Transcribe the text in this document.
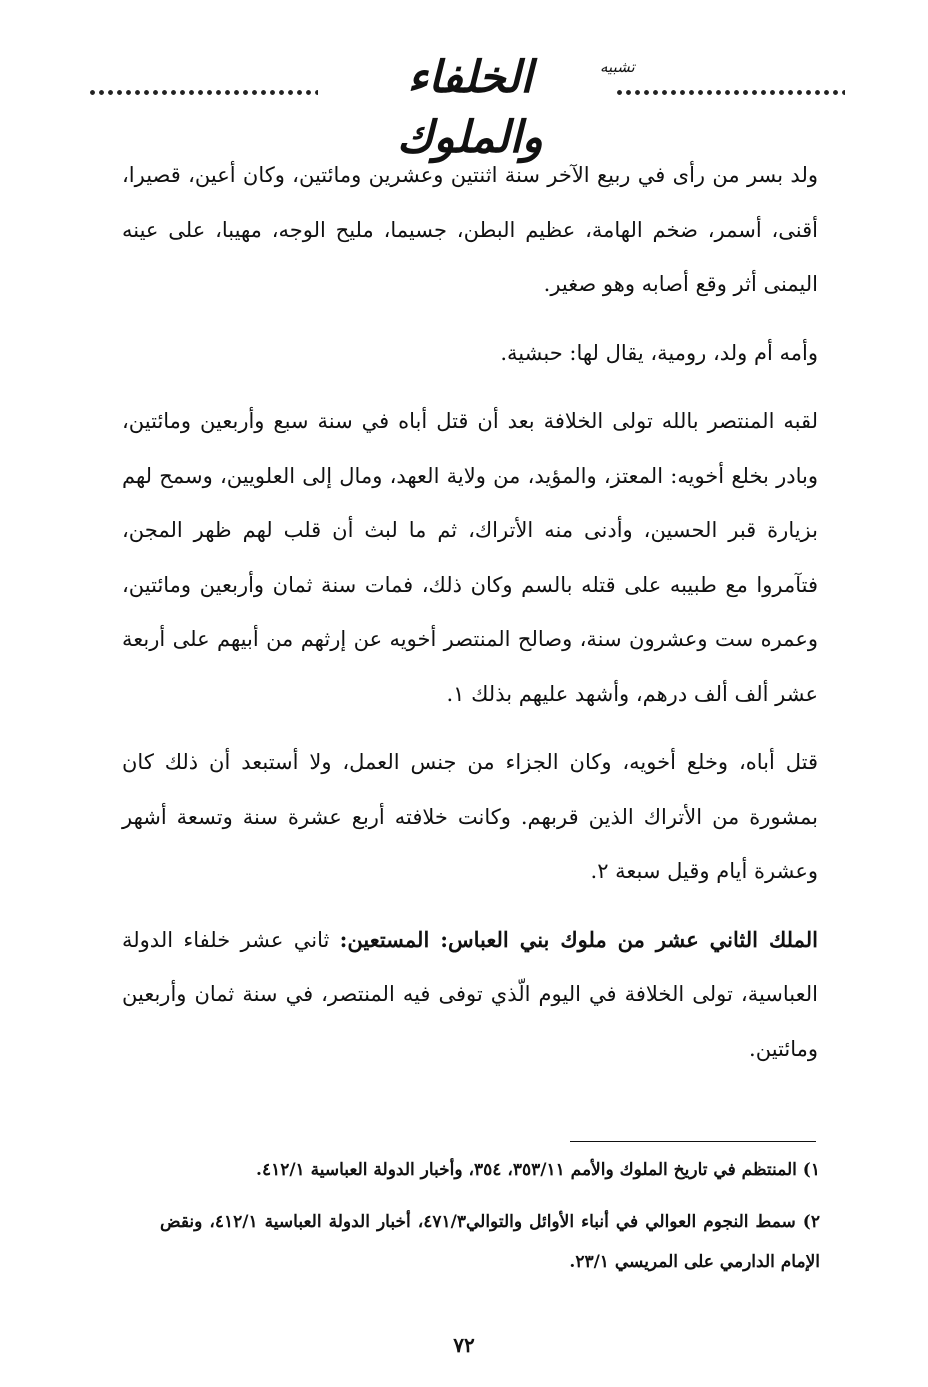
الخلفاء والملوك
تشبيه

ولد بسر من رأى في ربيع الآخر سنة اثنتين وعشرين ومائتين، وكان أعين، قصيرا، أقنى، أسمر، ضخم الهامة، عظيم البطن، جسيما، مليح الوجه، مهيبا، على عينه اليمنى أثر وقع أصابه وهو صغير.

وأمه أم ولد، رومية، يقال لها: حبشية.

لقبه المنتصر بالله تولى الخلافة بعد أن قتل أباه في سنة سبع وأربعين ومائتين، وبادر بخلع أخويه: المعتز، والمؤيد، من ولاية العهد، ومال إلى العلويين، وسمح لهم بزيارة قبر الحسين، وأدنى منه الأتراك، ثم ما لبث أن قلب لهم ظهر المجن، فتآمروا مع طبيبه على قتله بالسم وكان ذلك، فمات سنة ثمان وأربعين ومائتين، وعمره ست وعشرون سنة، وصالح المنتصر أخويه عن إرثهم من أبيهم على أربعة عشر ألف ألف درهم، وأشهد عليهم بذلك ١.

قتل أباه، وخلع أخويه، وكان الجزاء من جنس العمل، ولا أستبعد أن ذلك كان بمشورة من الأتراك الذين قربهم. وكانت خلافته أربع عشرة سنة وتسعة أشهر وعشرة أيام وقيل سبعة ٢.

الملك الثاني عشر من ملوك بني العباس: المستعين: ثاني عشر خلفاء الدولة العباسية، تولى الخلافة في اليوم الّذي توفى فيه المنتصر، في سنة ثمان وأربعين ومائتين.

١) المنتظم في تاريخ الملوك والأمم ٣٥٣/١١، ٣٥٤، وأخبار الدولة العباسية ٤١٢/١.

٢) سمط النجوم العوالي في أنباء الأوائل والتوالي٤٧١/٣، أخبار الدولة العباسية ٤١٢/١، ونقض الإمام الدارمي على المريسي ٢٣/١.

٧٢
